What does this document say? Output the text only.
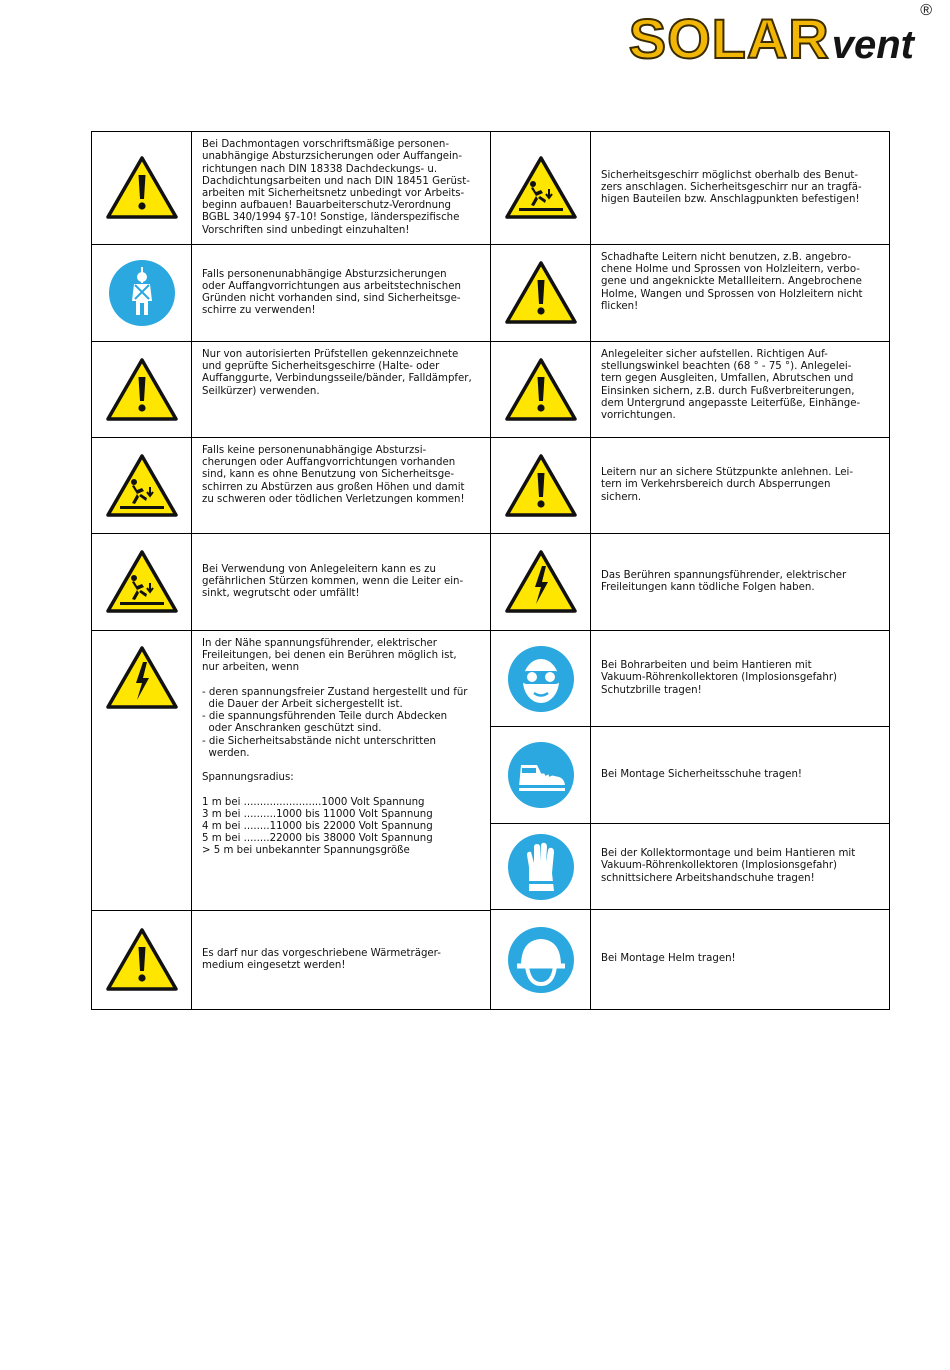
SOLARvent
®
Bei Dachmontagen vorschriftsmäßige personen-
unabhängige Absturzsicherungen oder Auffangein-
richtungen nach DIN 18338 Dachdeckungs- u.
Dachdichtungsarbeiten und nach DIN 18451 Gerüst-
arbeiten mit Sicherheitsnetz unbedingt vor Arbeits-
beginn aufbauen! Bauarbeiterschutz-Verordnung
BGBL 340/1994 §7-10! Sonstige, länderspezifische
Vorschriften sind unbedingt einzuhalten!
Falls personenunabhängige Absturzsicherungen
oder Auffangvorrichtungen aus arbeitstechnischen
Gründen nicht vorhanden sind, sind Sicherheitsge-
schirre zu verwenden!
Nur von autorisierten Prüfstellen gekennzeichnete
und geprüfte Sicherheitsgeschirre (Halte- oder
Auffanggurte, Verbindungsseile/bänder, Falldämpfer,
Seilkürzer) verwenden.
Falls keine personenunabhängige Absturzsi-
cherungen oder Auffangvorrichtungen vorhanden
sind, kann es ohne Benutzung von Sicherheitsge-
schirren zu Abstürzen aus großen Höhen und damit
zu schweren oder tödlichen Verletzungen kommen!
Bei Verwendung von Anlegeleitern kann es zu
gefährlichen Stürzen kommen, wenn die Leiter ein-
sinkt, wegrutscht oder umfällt!
In der Nähe spannungsführender, elektrischer
Freileitungen, bei denen ein Berühren möglich ist,
nur arbeiten, wenn

- deren spannungsfreier Zustand hergestellt und für
die Dauer der Arbeit sichergestellt ist.
- die spannungsführenden Teile durch Abdecken
oder Anschranken geschützt sind.
- die Sicherheitsabstände nicht unterschritten
werden.

Spannungsradius:

1 m bei ........................1000 Volt Spannung
3 m bei ..........1000 bis 11000 Volt Spannung
4 m bei ........11000 bis 22000 Volt Spannung
5 m bei ........22000 bis 38000 Volt Spannung
> 5 m bei unbekannter Spannungsgröße
Es darf nur das vorgeschriebene Wärmeträger-
medium eingesetzt werden!
Sicherheitsgeschirr möglichst oberhalb des Benut-
zers anschlagen. Sicherheitsgeschirr nur an tragfä-
higen Bauteilen bzw. Anschlagpunkten befestigen!
Schadhafte Leitern nicht benutzen, z.B. angebro-
chene Holme und Sprossen von Holzleitern, verbo-
gene und angeknickte Metallleitern. Angebrochene
Holme, Wangen und Sprossen von Holzleitern nicht
flicken!
Anlegeleiter sicher aufstellen. Richtigen Auf-
stellungswinkel beachten (68 ° - 75 °). Anlegelei-
tern gegen Ausgleiten, Umfallen, Abrutschen und
Einsinken sichern, z.B. durch Fußverbreiterungen,
dem Untergrund angepasste Leiterfüße, Einhänge-
vorrichtungen.
Leitern nur an sichere Stützpunkte anlehnen. Lei-
tern im Verkehrsbereich durch Absperrungen
sichern.
Das Berühren spannungsführender, elektrischer
Freileitungen kann tödliche Folgen haben.
Bei Bohrarbeiten und beim Hantieren mit
Vakuum-Röhrenkollektoren (Implosionsgefahr)
Schutzbrille tragen!
Bei Montage Sicherheitsschuhe tragen!
Bei der Kollektormontage und beim Hantieren mit
Vakuum-Röhrenkollektoren (Implosionsgefahr)
schnittsichere Arbeitshandschuhe tragen!
Bei Montage Helm tragen!
